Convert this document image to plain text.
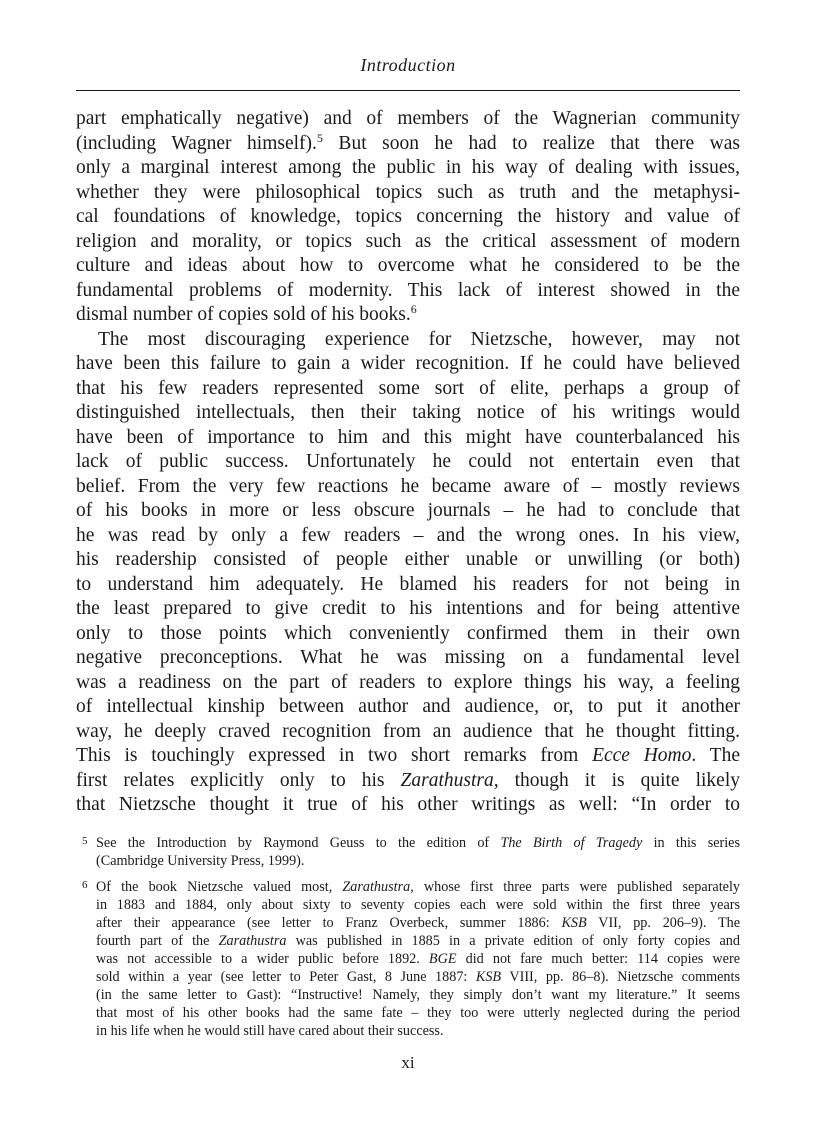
Introduction
part emphatically negative) and of members of the Wagnerian community
(including Wagner himself).$^5$ But soon he had to realize that there was
only a marginal interest among the public in his way of dealing with issues,
whether they were philosophical topics such as truth and the metaphysi-
cal foundations of knowledge, topics concerning the history and value of
religion and morality, or topics such as the critical assessment of modern
culture and ideas about how to overcome what he considered to be the
fundamental problems of modernity. This lack of interest showed in the
dismal number of copies sold of his books.$^6$
The most discouraging experience for Nietzsche, however, may not
have been this failure to gain a wider recognition. If he could have believed
that his few readers represented some sort of elite, perhaps a group of
distinguished intellectuals, then their taking notice of his writings would
have been of importance to him and this might have counterbalanced his
lack of public success. Unfortunately he could not entertain even that
belief. From the very few reactions he became aware of – mostly reviews
of his books in more or less obscure journals – he had to conclude that
he was read by only a few readers – and the wrong ones. In his view,
his readership consisted of people either unable or unwilling (or both)
to understand him adequately. He blamed his readers for not being in
the least prepared to give credit to his intentions and for being attentive
only to those points which conveniently confirmed them in their own
negative preconceptions. What he was missing on a fundamental level
was a readiness on the part of readers to explore things his way, a feeling
of intellectual kinship between author and audience, or, to put it another
way, he deeply craved recognition from an audience that he thought fitting.
This is touchingly expressed in two short remarks from Ecce Homo. The
first relates explicitly only to his Zarathustra, though it is quite likely
that Nietzsche thought it true of his other writings as well: “In order to
5 See the Introduction by Raymond Geuss to the edition of The Birth of Tragedy in this series
(Cambridge University Press, 1999).
6 Of the book Nietzsche valued most, Zarathustra, whose first three parts were published separately
in 1883 and 1884, only about sixty to seventy copies each were sold within the first three years
after their appearance (see letter to Franz Overbeck, summer 1886: KSB VII, pp. 206–9). The
fourth part of the Zarathustra was published in 1885 in a private edition of only forty copies and
was not accessible to a wider public before 1892. BGE did not fare much better: 114 copies were
sold within a year (see letter to Peter Gast, 8 June 1887: KSB VIII, pp. 86–8). Nietzsche comments
(in the same letter to Gast): “Instructive! Namely, they simply don’t want my literature.” It seems
that most of his other books had the same fate – they too were utterly neglected during the period
in his life when he would still have cared about their success.
xi
